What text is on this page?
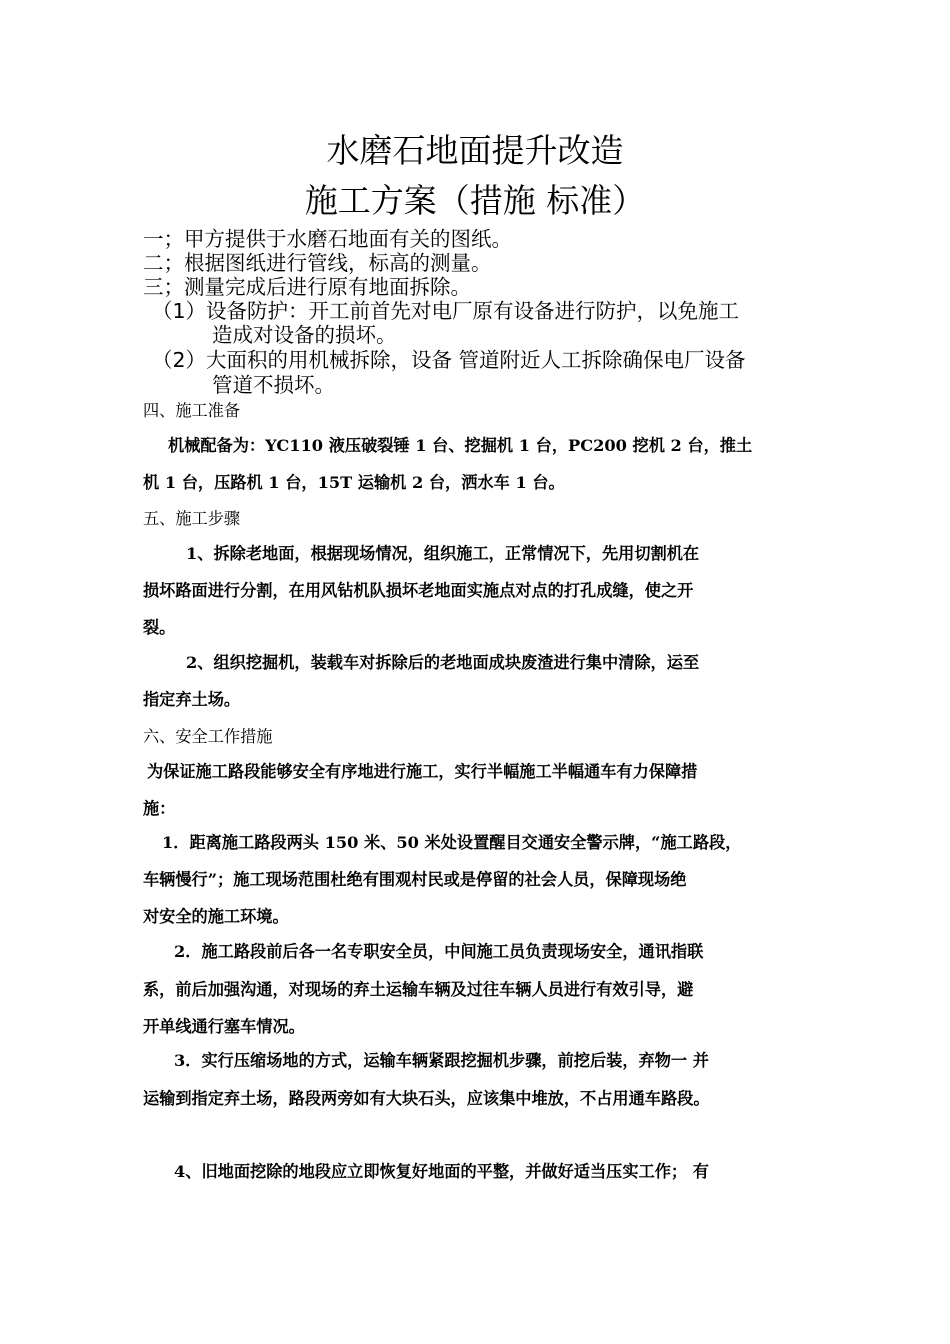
水磨石地面提升改造
施工方案（措施 标准）
一；甲方提供于水磨石地面有关的图纸。
二；根据图纸进行管线，标高的测量。
三；测量完成后进行原有地面拆除。
（1）设备防护：开工前首先对电厂原有设备进行防护，以免施工
造成对设备的损坏。
（2）大面积的用机械拆除，设备 管道附近人工拆除确保电厂设备
管道不损坏。
四、施工准备
机械配备为：YC110 液压破裂锤 1 台、挖掘机 1 台，PC200 挖机 2 台，推土
机 1 台，压路机 1 台，15T 运输机 2 台，洒水车 1 台。
五、施工步骤
1、拆除老地面，根据现场情况，组织施工，正常情况下，先用切割机在
损坏路面进行分割，在用风钻机队损坏老地面实施点对点的打孔成缝，使之开
裂。
2、组织挖掘机，装载车对拆除后的老地面成块废渣进行集中清除，运至
指定弃土场。
六、安全工作措施
为保证施工路段能够安全有序地进行施工，实行半幅施工半幅通车有力保障措
施：
1．距离施工路段两头 150 米、50 米处设置醒目交通安全警示牌，“施工路段，
车辆慢行”；施工现场范围杜绝有围观村民或是停留的社会人员，保障现场绝
对安全的施工环境。
2．施工路段前后各一名专职安全员，中间施工员负责现场安全，通讯指联
系，前后加强沟通，对现场的弃土运输车辆及过往车辆人员进行有效引导，避
开单线通行塞车情况。
3．实行压缩场地的方式，运输车辆紧跟挖掘机步骤，前挖后装，弃物一 并
运输到指定弃土场，路段两旁如有大块石头，应该集中堆放，不占用通车路段。
4、旧地面挖除的地段应立即恢复好地面的平整，并做好适当压实工作； 有
